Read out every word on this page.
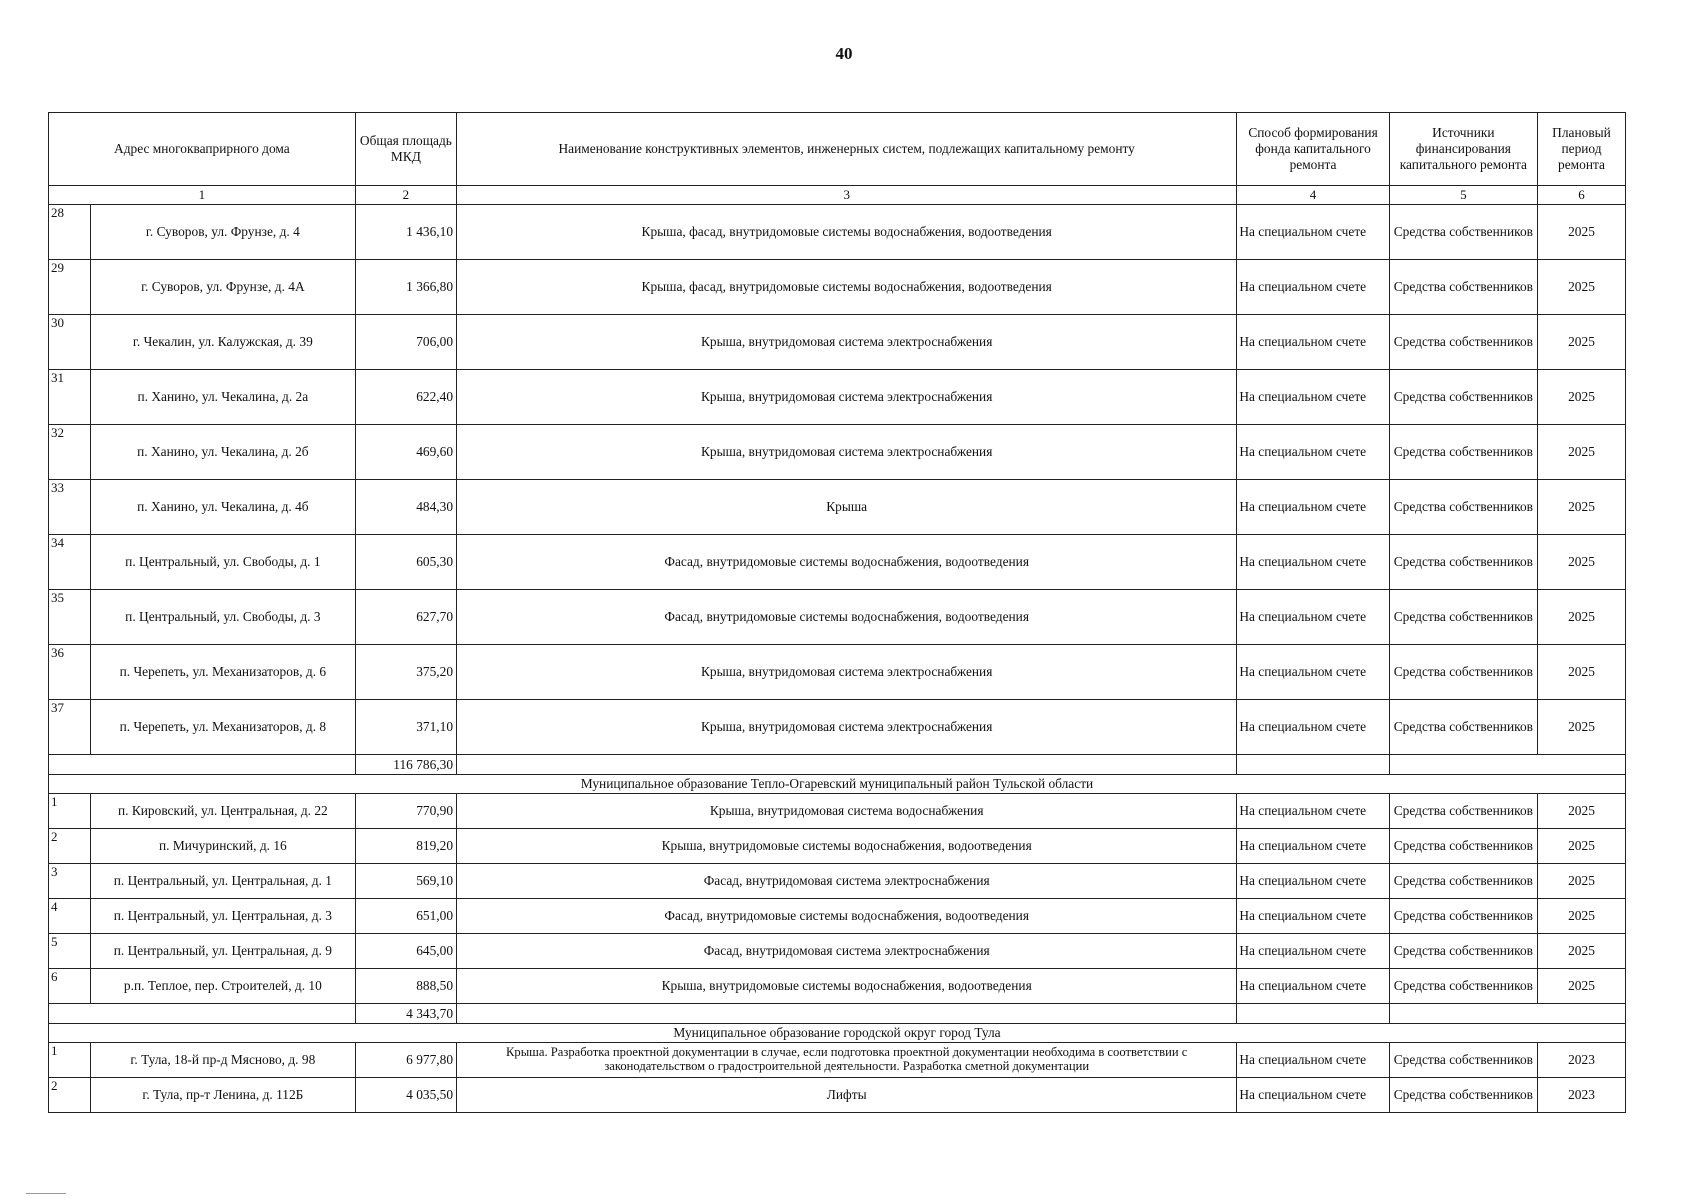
40
Адрес многокваприрного дома		Общая площадь МКД	Наименование конструктивных элементов, инженерных систем, подлежащих капитальному ремонту	Способ формирования фонда капитального ремонта	Источники финансирования капитального ремонта	Плановый период ремонта
1		2	3	4	5	6
28	г. Суворов, ул. Фрунзе, д. 4	1 436,10	Крыша, фасад, внутридомовые системы водоснабжения, водоотведения	На специальном счете	Средства собственников	2025
29	г. Суворов, ул. Фрунзе, д. 4А	1 366,80	Крыша, фасад, внутридомовые системы водоснабжения, водоотведения	На специальном счете	Средства собственников	2025
30	г. Чекалин, ул. Калужская, д. 39	706,00	Крыша, внутридомовая система электроснабжения	На специальном счете	Средства собственников	2025
31	п. Ханино, ул. Чекалина, д. 2а	622,40	Крыша, внутридомовая система электроснабжения	На специальном счете	Средства собственников	2025
32	п. Ханино, ул. Чекалина, д. 2б	469,60	Крыша, внутридомовая система электроснабжения	На специальном счете	Средства собственников	2025
33	п. Ханино, ул. Чекалина, д. 4б	484,30	Крыша	На специальном счете	Средства собственников	2025
34	п. Центральный, ул. Свободы, д. 1	605,30	Фасад, внутридомовые системы водоснабжения, водоотведения	На специальном счете	Средства собственников	2025
35	п. Центральный, ул. Свободы, д. 3	627,70	Фасад, внутридомовые системы водоснабжения, водоотведения	На специальном счете	Средства собственников	2025
36	п. Черепеть, ул. Механизаторов, д. 6	375,20	Крыша, внутридомовая система электроснабжения	На специальном счете	Средства собственников	2025
37	п. Черепеть, ул. Механизаторов, д. 8	371,10	Крыша, внутридомовая система электроснабжения	На специальном счете	Средства собственников	2025
		116 786,30				
Муниципальное образование Тепло-Огаревский муниципальный район Тульской области						
1	п. Кировский, ул. Центральная, д. 22	770,90	Крыша, внутридомовая система водоснабжения	На специальном счете	Средства собственников	2025
2	п. Мичуринский, д. 16	819,20	Крыша, внутридомовые системы водоснабжения, водоотведения	На специальном счете	Средства собственников	2025
3	п. Центральный, ул. Центральная, д. 1	569,10	Фасад, внутридомовая система электроснабжения	На специальном счете	Средства собственников	2025
4	п. Центральный, ул. Центральная, д. 3	651,00	Фасад, внутридомовые системы водоснабжения, водоотведения	На специальном счете	Средства собственников	2025
5	п. Центральный, ул. Центральная, д. 9	645,00	Фасад, внутридомовая система электроснабжения	На специальном счете	Средства собственников	2025
6	р.п. Теплое, пер. Строителей, д. 10	888,50	Крыша, внутридомовые системы водоснабжения, водоотведения	На специальном счете	Средства собственников	2025
		4 343,70				
Муниципальное образование городской округ город Тула						
1	г. Тула, 18-й пр-д Мясново, д. 98	6 977,80	Крыша. Разработка проектной документации в случае, если подготовка проектной документации необходима в соответствии с законодательством о градостроительной деятельности. Разработка сметной документации	На специальном счете	Средства собственников	2023
2	г. Тула, пр-т Ленина, д. 112Б	4 035,50	Лифты	На специальном счете	Средства собственников	2023
